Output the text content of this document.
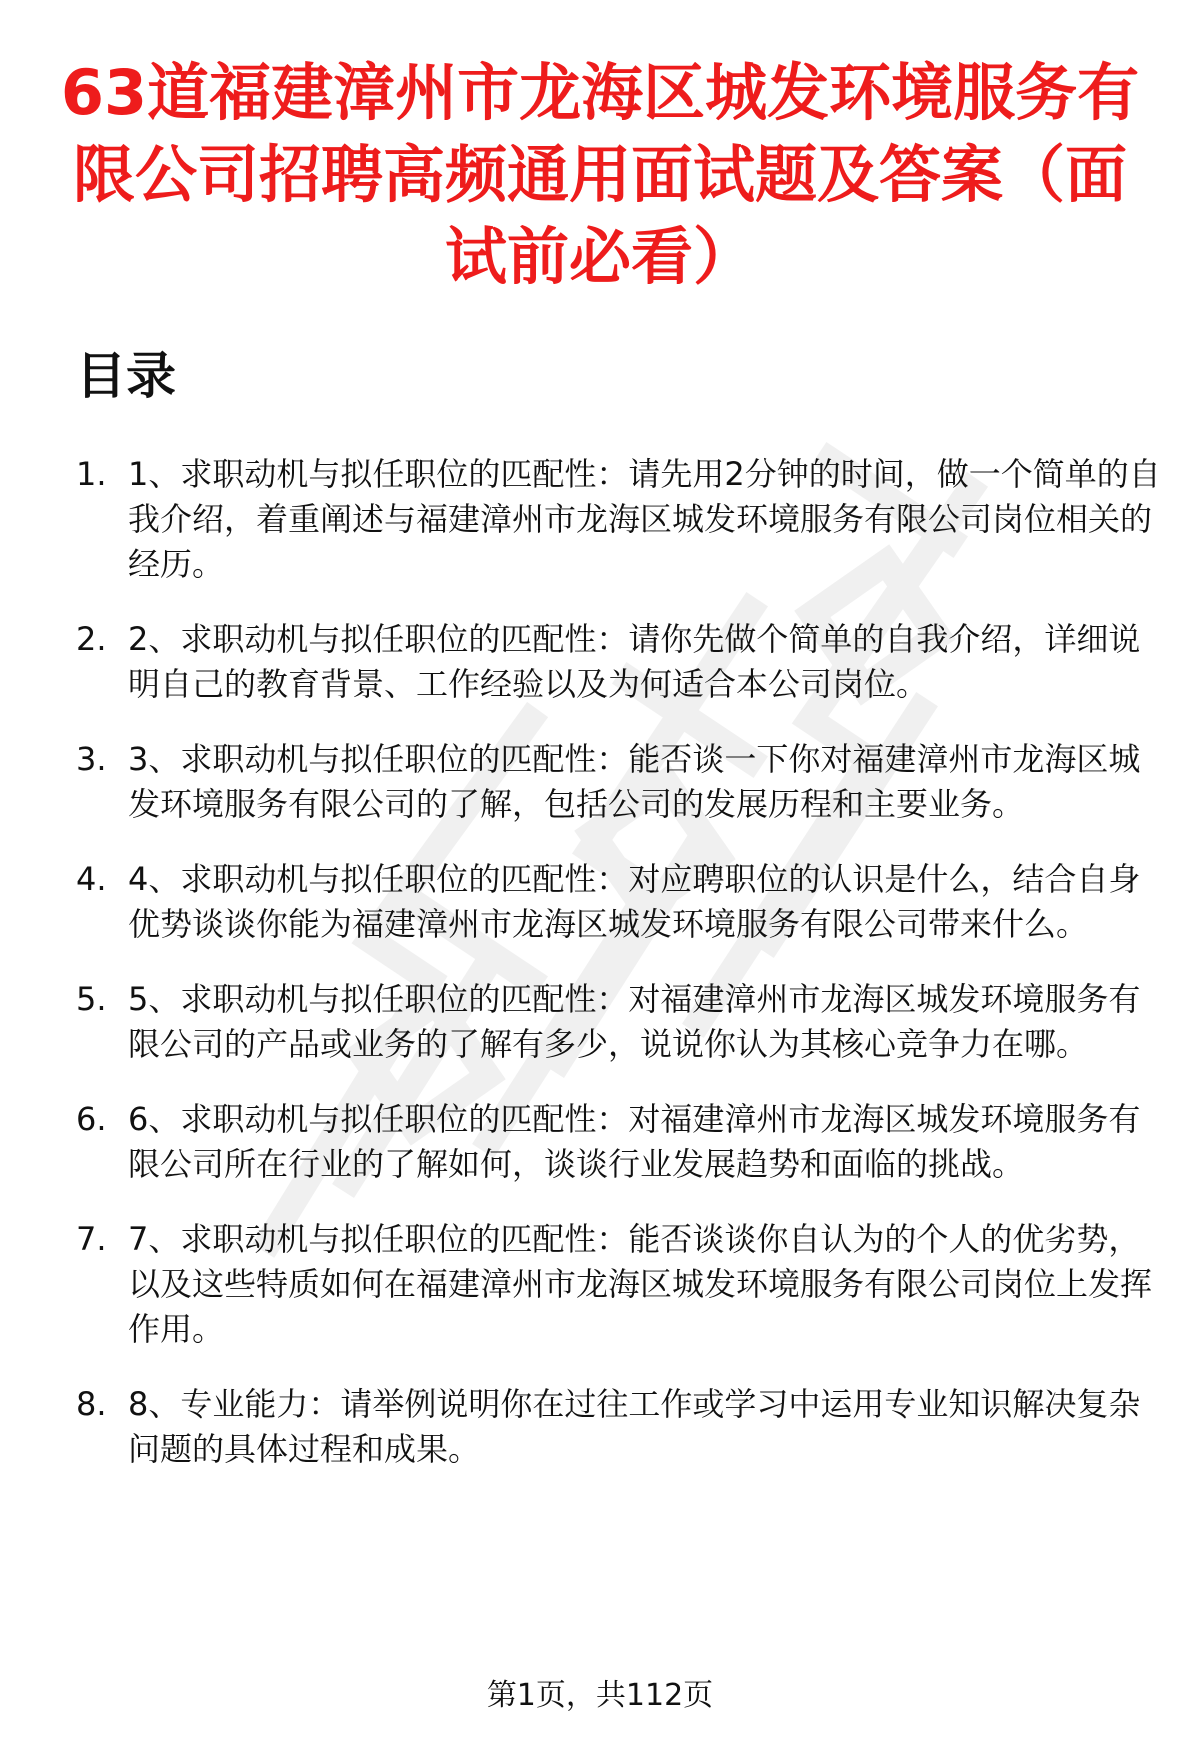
63道福建漳州市龙海区城发环境服务有限公司招聘高频通用面试题及答案（面试前必看）
目录
1. 1、求职动机与拟任职位的匹配性：请先用2分钟的时间，做一个简单的自我介绍，着重阐述与福建漳州市龙海区城发环境服务有限公司岗位相关的经历。
2. 2、求职动机与拟任职位的匹配性：请你先做个简单的自我介绍，详细说明自己的教育背景、工作经验以及为何适合本公司岗位。
3. 3、求职动机与拟任职位的匹配性：能否谈一下你对福建漳州市龙海区城发环境服务有限公司的了解，包括公司的发展历程和主要业务。
4. 4、求职动机与拟任职位的匹配性：对应聘职位的认识是什么，结合自身优势谈谈你能为福建漳州市龙海区城发环境服务有限公司带来什么。
5. 5、求职动机与拟任职位的匹配性：对福建漳州市龙海区城发环境服务有限公司的产品或业务的了解有多少，说说你认为其核心竞争力在哪。
6. 6、求职动机与拟任职位的匹配性：对福建漳州市龙海区城发环境服务有限公司所在行业的了解如何，谈谈行业发展趋势和面临的挑战。
7. 7、求职动机与拟任职位的匹配性：能否谈谈你自认为的个人的优劣势，以及这些特质如何在福建漳州市龙海区城发环境服务有限公司岗位上发挥作用。
8. 8、专业能力：请举例说明你在过往工作或学习中运用专业知识解决复杂问题的具体过程和成果。
第1页，共112页
